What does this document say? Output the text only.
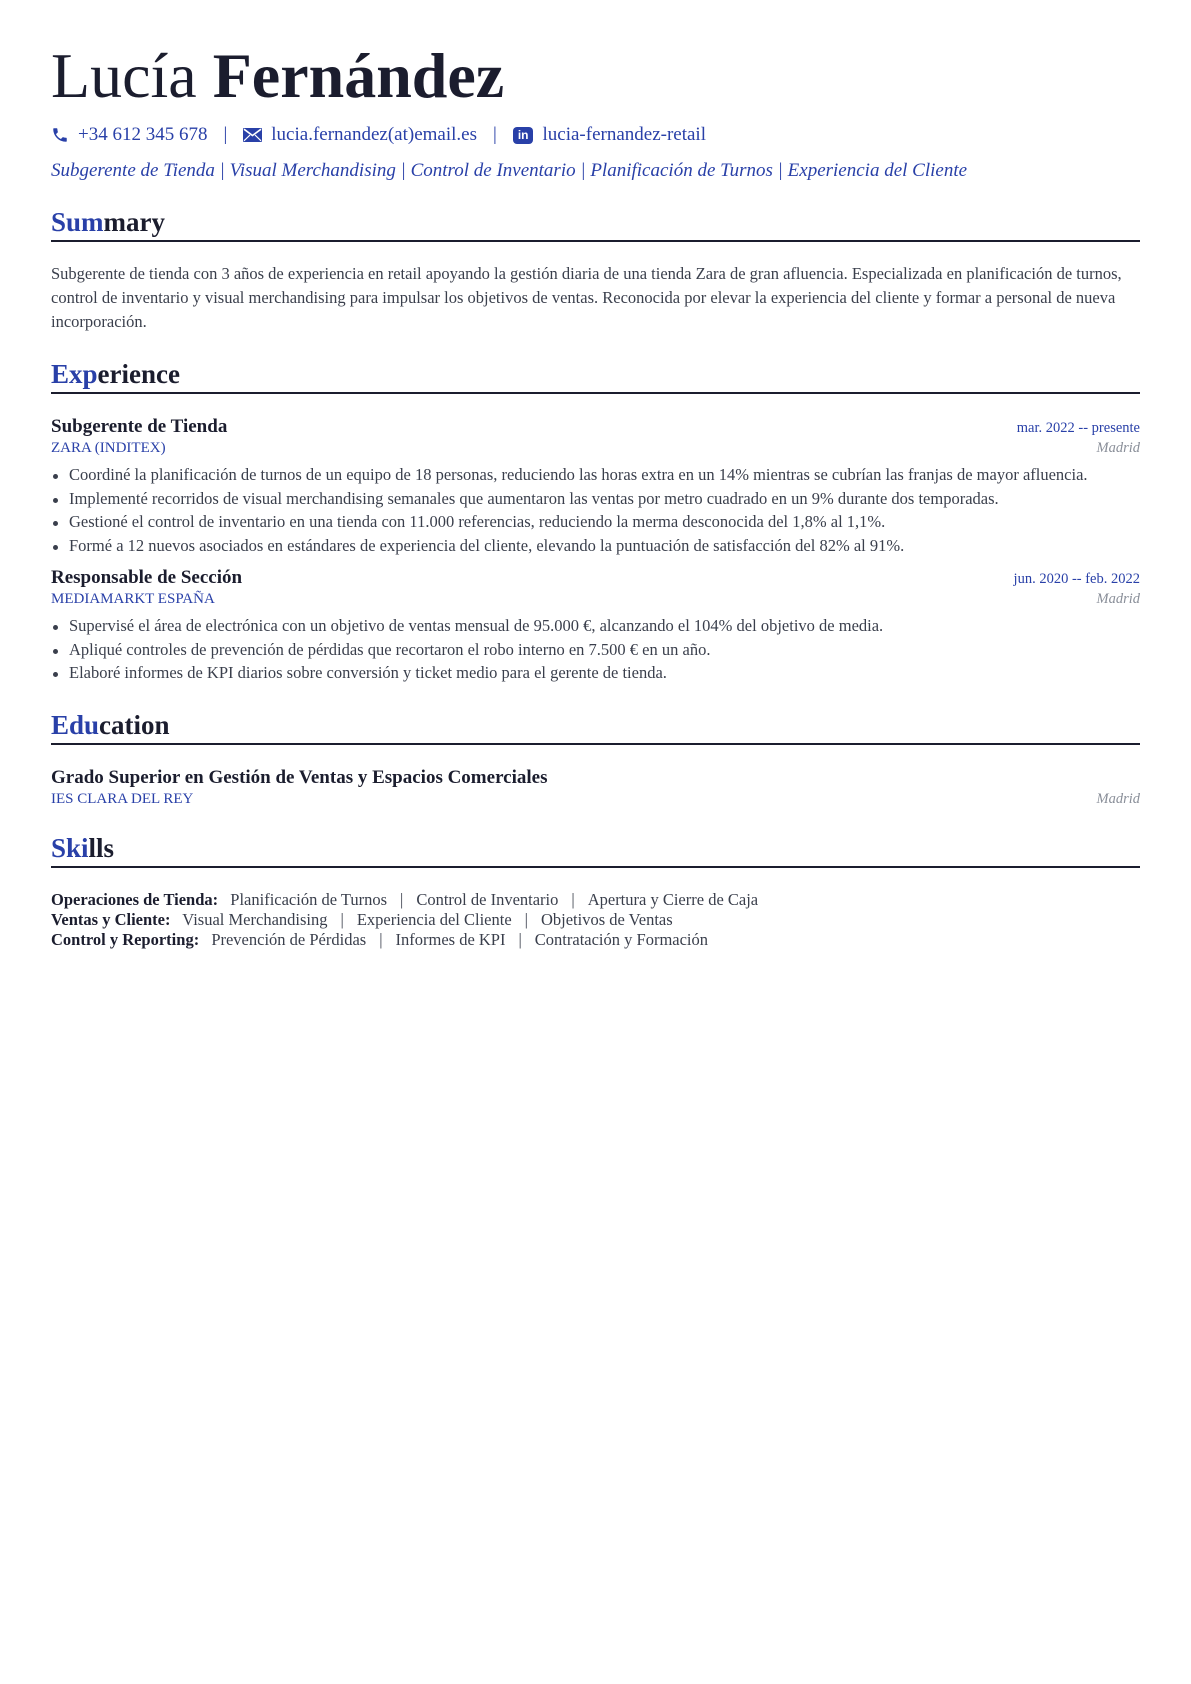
Lucía Fernández
+34 612 345 678 | lucia.fernandez(at)email.es |	in lucia-fernandez-retail
Subgerente de Tienda | Visual Merchandising | Control de Inventario | Planificación de Turnos | Experiencia del Cliente
Summary
Subgerente de tienda con 3 años de experiencia en retail apoyando la gestión diaria de una tienda Zara de gran afluencia. Especializada en planificación de turnos, control de inventario y visual merchandising para impulsar los objetivos de ventas. Reconocida por elevar la experiencia del cliente y formar a personal de nueva incorporación.
Experience
Subgerente de Tienda	mar. 2022 -- presente
ZARA (INDITEX)	Madrid
Coordiné la planificación de turnos de un equipo de 18 personas, reduciendo las horas extra en un 14% mientras se cubrían las franjas de mayor afluencia.
Implementé recorridos de visual merchandising semanales que aumentaron las ventas por metro cuadrado en un 9% durante dos temporadas.
Gestioné el control de inventario en una tienda con 11.000 referencias, reduciendo la merma desconocida del 1,8% al 1,1%.
Formé a 12 nuevos asociados en estándares de experiencia del cliente, elevando la puntuación de satisfacción del 82% al 91%.
Responsable de Sección	jun. 2020 -- feb. 2022
MEDIAMARKT ESPAÑA	Madrid
Supervisé el área de electrónica con un objetivo de ventas mensual de 95.000 €, alcanzando el 104% del objetivo de media.
Apliqué controles de prevención de pérdidas que recortaron el robo interno en 7.500 € en un año.
Elaboré informes de KPI diarios sobre conversión y ticket medio para el gerente de tienda.
Education
Grado Superior en Gestión de Ventas y Espacios Comerciales
IES CLARA DEL REY	Madrid
Skills
Operaciones de Tienda: Planificación de Turnos | Control de Inventario | Apertura y Cierre de Caja
Ventas y Cliente: Visual Merchandising | Experiencia del Cliente | Objetivos de Ventas
Control y Reporting: Prevención de Pérdidas | Informes de KPI | Contratación y Formación
